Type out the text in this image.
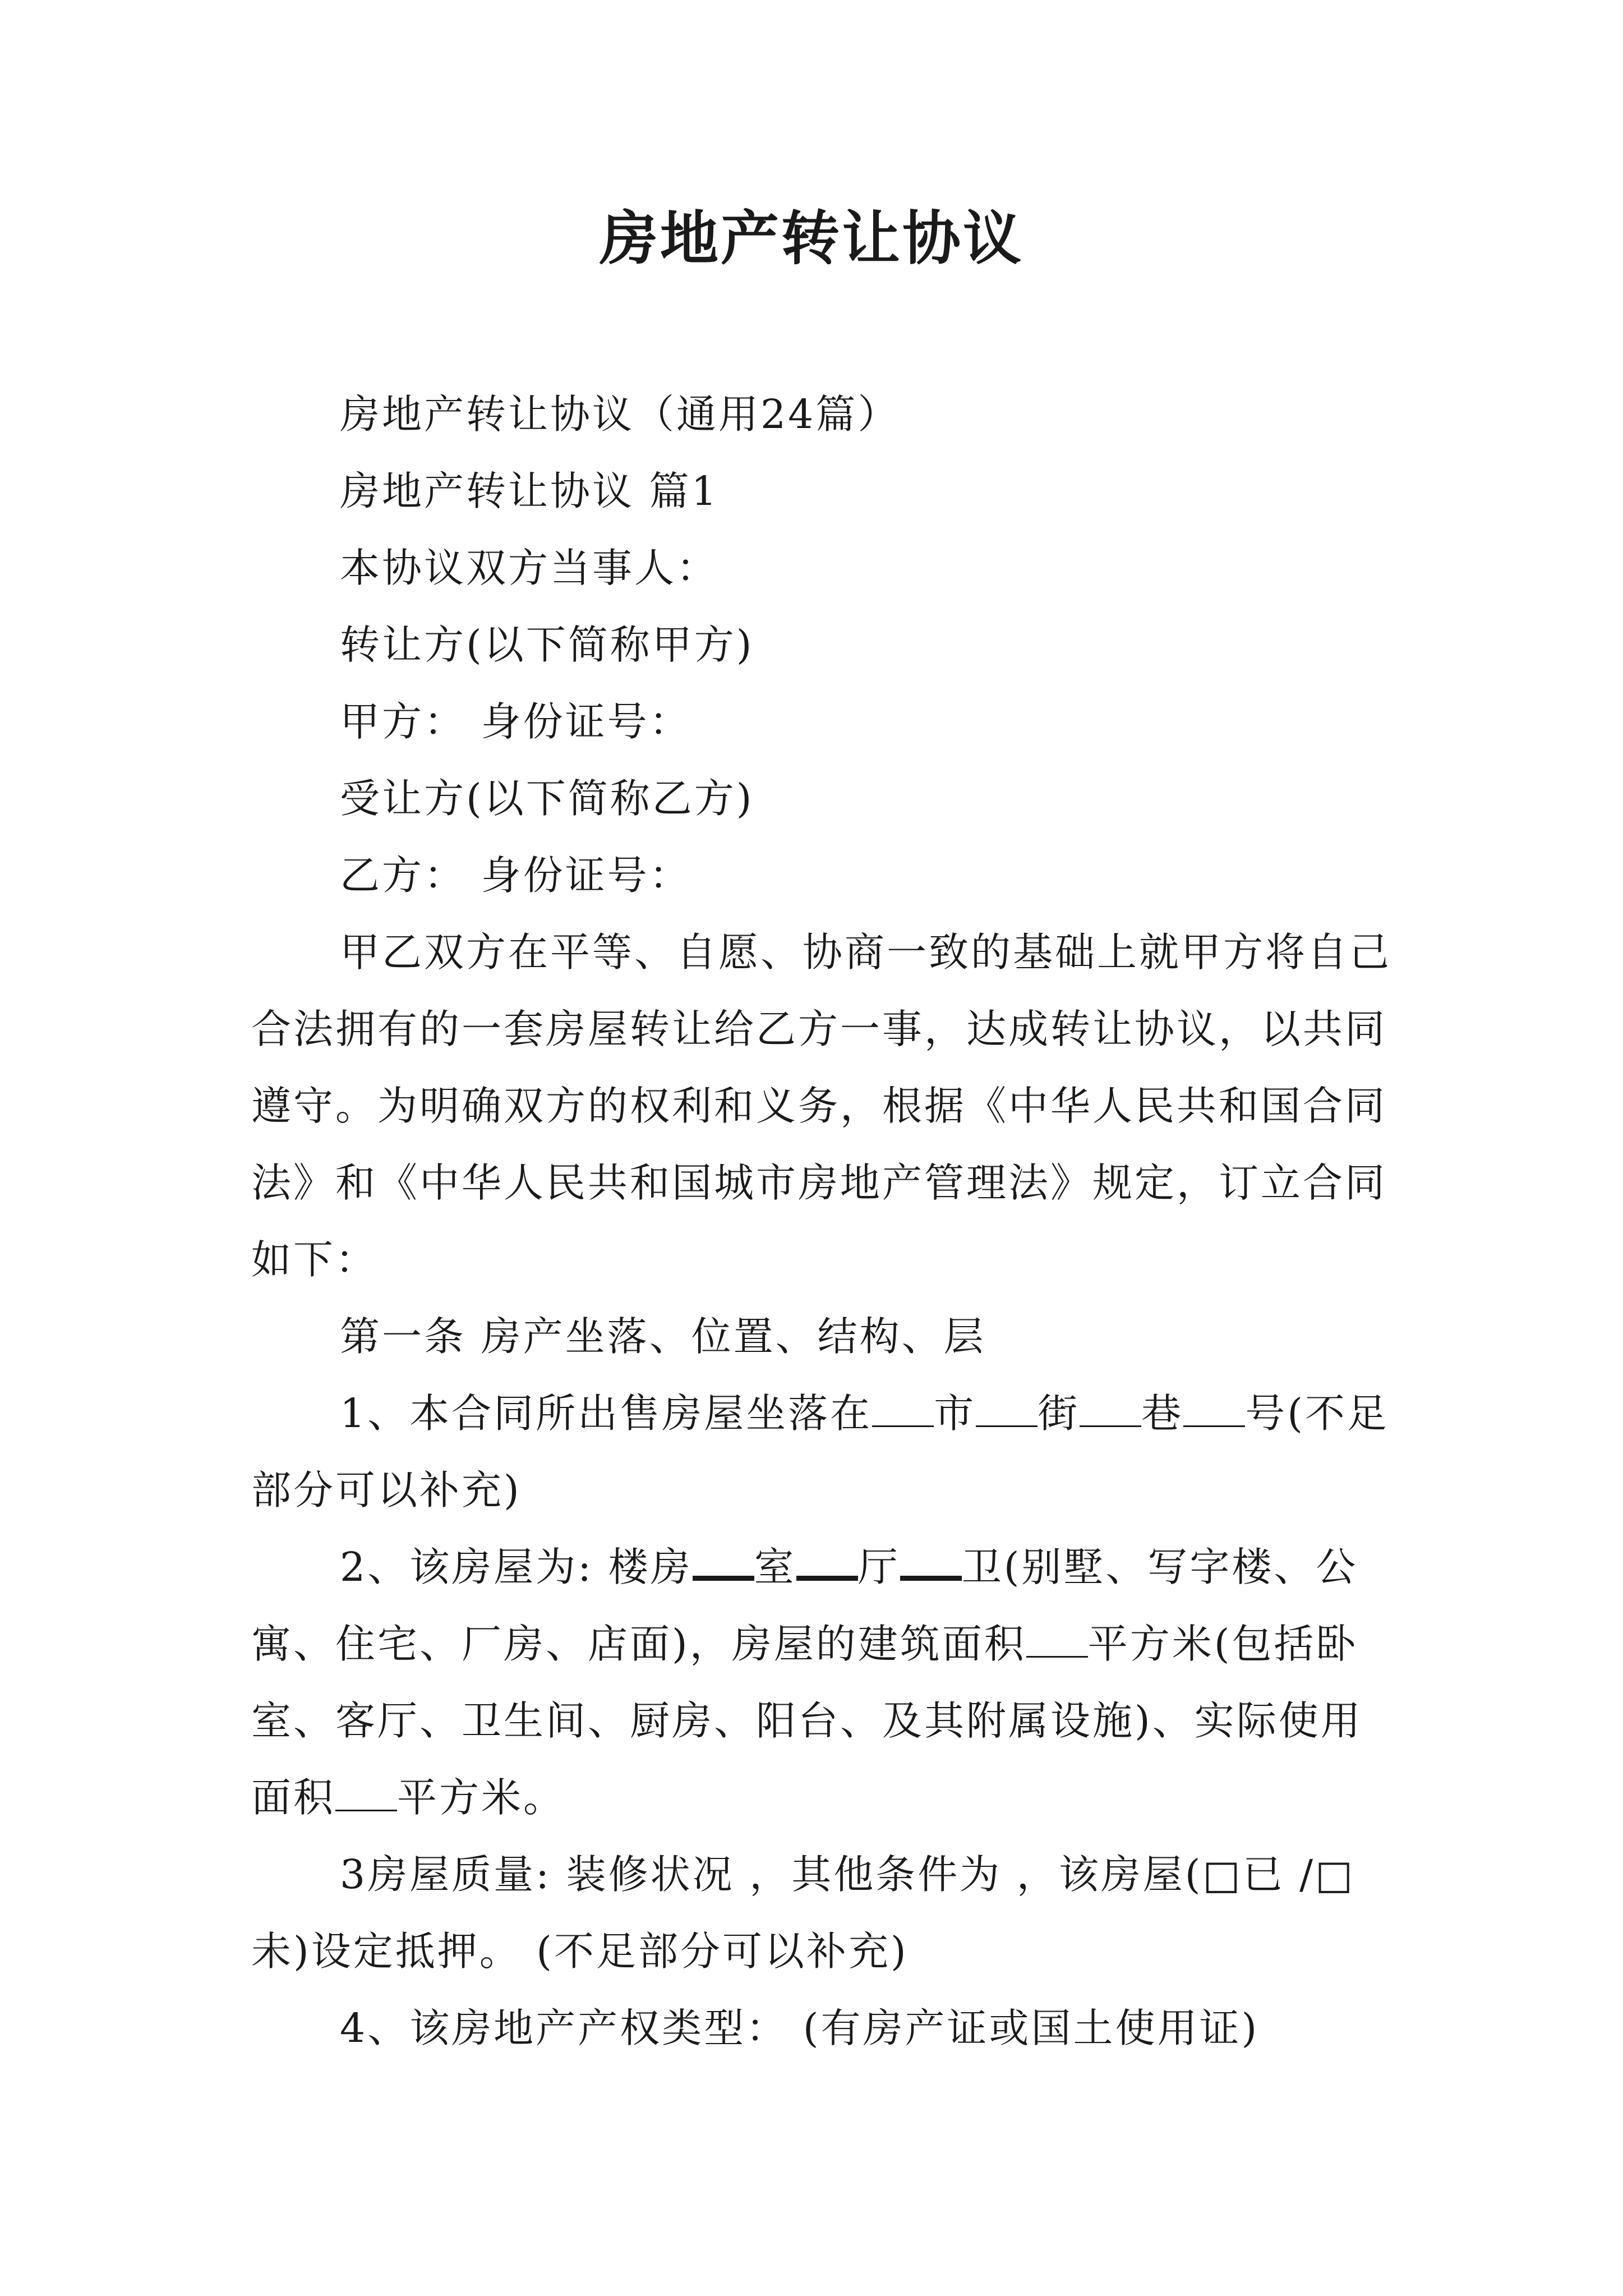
房地产转让协议

房地产转让协议（通用24篇）

房地产转让协议 篇1

本协议双方当事人：

转让方(以下简称甲方)

甲方： 身份证号：

受让方(以下简称乙方)

乙方： 身份证号：

甲乙双方在平等、自愿、协商一致的基础上就甲方将自己合法拥有的一套房屋转让给乙方一事，达成转让协议，以共同遵守。为明确双方的权利和义务，根据《中华人民共和国合同法》和《中华人民共和国城市房地产管理法》规定，订立合同如下：

第一条 房产坐落、位置、结构、层

1、本合同所出售房屋坐落在 市 街 巷 号(不足部分可以补充)

2、该房屋为: 楼房 室 厅 卫(别墅、写字楼、公寓、住宅、厂房、店面)，房屋的建筑面积 平方米(包括卧室、客厅、卫生间、厨房、阳台、及其附属设施)、实际使用面积 平方米。

3房屋质量: 装修状况 ，其他条件为 ，该房屋(□已 /□未)设定抵押。 (不足部分可以补充)

4、该房地产产权类型： (有房产证或国土使用证)
